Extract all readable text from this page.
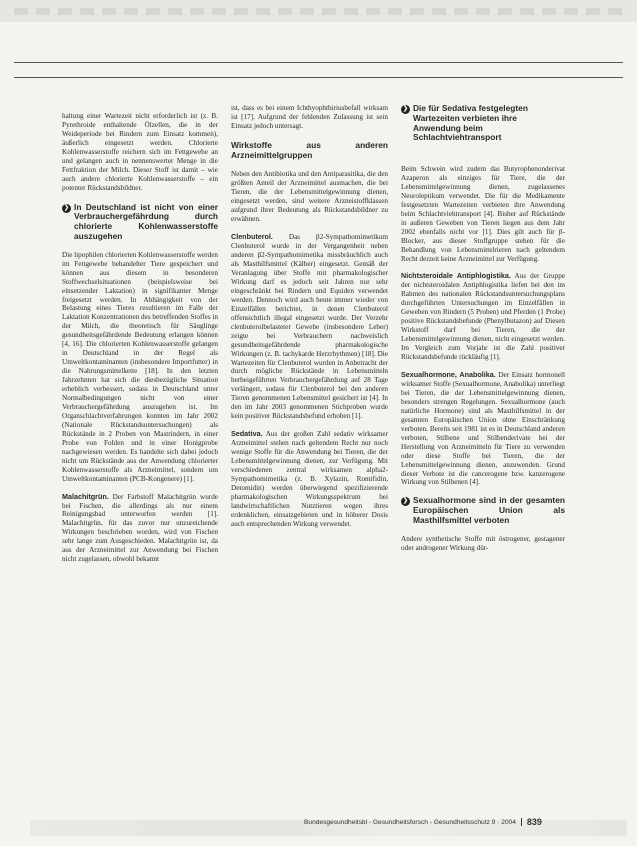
❯ Die für Sedativa festgelegten Wartezeiten verbieten ihre Anwendung beim Schlachtviehtransport

haltung einer Wartezeit nicht erforderlich ist (z. B. Pyrethroide enthaltende Ölzellen, die in der Weideperiode bei Rindern zum Einsatz kommen), äußerlich eingesetzt werden. Chlorierte Kohlenwasserstoffe reichern sich im Fettgewebe an und gelangen auch in nennenswerter Menge in die Fettfraktion der Milch. Dieser Stoff ist damit – wie auch andere chlorierte Kohlenwasserstoffe – ein potenter Rückstandsbildner.

❯ In Deutschland ist nicht von einer Verbrauchergefährdung durch chlorierte Kohlenwasserstoffe auszugehen

Die lipophilen chlorierten Kohlenwasserstoffe werden im Fettgewebe behandelter Tiere gespeichert und können aus diesem in besonderen Stoffwechselsituationen (beispielsweise bei einsetzender Laktation) in signifikanter Menge freigesetzt werden. In Abhängigkeit von der Belastung eines Tieres resultieren im Falle der Laktation Konzentrationen des betreffenden Stoffes in der Milch, die theoretisch für Säuglinge gesundheitsgefährdende Bedeutung erlangen können [4, 16]. Die chlorierten Kohlenwasserstoffe gelangen in Deutschland in der Regel als Umweltkontaminanten (insbesondere Importfutter) in die Nahrungsmittelkette [18]. In den letzten Jahrzehnten hat sich die diesbezügliche Situation erheblich verbessert, sodass in Deutschland unter Normalbedingungen nicht von einer Verbrauchergefährdung auszugehen ist. Im Organschlachtverfahrungen konnten im Jahr 2002 (Nationale Rückstandsuntersuchungen) als Rückstände in 2 Proben von Mastrindern, in einer Probe von Fohlen und in einer Honigprobe nachgewiesen werden. Es handelte sich dabei jedoch nicht um Rückstände aus der Anwendung chlorierter Kohlenwasserstoffe als Arzneimittel, sondern um Umweltkontaminanten (PCB-Kongenere) [1].

Malachitgrün. Der Farbstoff Malachitgrün wurde bei Fischen, die allerdings als nur einem Reinigungsbad unterworfen werden [1]. Malachitgrün, für das zuvor nur unzureichende Wirkungen beschrieben worden, wird von Fischen sehr lange zum Ausgeschieden. Malachitgrün ist, da aus der Arzneimittel zur Anwendung bei Fischen nicht zugelassen, obwohl bekannt

ist, dass es bei einem Ichthyophthiriusbefall wirksam ist [17]. Aufgrund der fehlenden Zulassung ist sein Einsatz jedoch untersagt.

Wirkstoffe aus anderen Arzneimittelgruppen

Neben den Antibiotika und den Antiparasitika, die den größten Anteil der Arzneimittel ausmachen, die bei Tieren, die der Lebensmittelgewinnung dienen, eingesetzt werden, sind weitere Arzneistoffklassen aufgrund ihrer Bedeutung als Rückstandsbildner zu erwähnen.

Clenbuterol. Das β2-Sympathomimetikum Clenbuterol wurde in der Vergangenheit neben anderen β2-Sympathomimetika missbräuchlich auch als Masthilfsmittel (Kälber) eingesetzt. Gemäß der Veranlagung über Stoffe mit pharmakologischer Wirkung darf es jedoch seit Jahren nur sehr eingeschränkt bei Rindern und Equiden verwendet werden. Dennoch wird auch heute immer wieder von Einzelfällen berichtet, in denen Clenbuterol offensichtlich illegal eingesetzt wurde. Der Verzehr clenbuterolbelasteter Gewebe (insbesondere Leber) zeigte bei Verbrauchern nachweislich gesundheitsgefährdende pharmakologische Wirkungen (z. B. tachykarde Herzrhythmen) [18]. Die Wartezeiten für Clenbuterol wurden in Anbetracht der durch mögliche Rückstände in Lebensmitteln herbeigeführten Verbrauchergefährdung auf 28 Tage verlängert, sodass für Clenbuterol bei den anderen Tieren genommenen Lebensmittel gesichert ist [4]. In den im Jahr 2003 genommenen Stichproben wurde kein positiver Rückstandsbefund erhoben [1].

Sedativa. Aus der großen Zahl sedativ wirksamer Arzneimittel stehen nach geltendem Recht nur noch wenige Stoffe für die Anwendung bei Tieren, die der Lebensmittelgewinnung dienen, zur Verfügung. Mit verschiedenen zentral wirksamen alpha2-Sympathomimetika (z. B. Xylazin, Romifidin, Detomidin) werden überwiegend spezifizierende pharmakologischen Wirkungsspektrum bei landwirtschaftlichen Nutztieren wegen ihres erdenklichen, einsatzgebieten und in höherer Dosis auch entsprechenden Wirkung verwendet.

Beim Schwein wird zudem das Butyrophenonderivat Azaperon als einziges für Tiere, die der Lebensmittelgewinnung dienen, zugelassenes Neuroleptikum verwendet. Die für die Medikamente festgesetzten Wartezeiten verbieten ihre Anwendung beim Schlachtviehtransport [4]. Bisher auf Rückstände in außeren Geweben von Tieren liegen aus dem Jahr 2002 ebenfalls nicht vor [1]. Dies gilt auch für β-Blocker, aus dieser Stoffgruppe stehen für die Behandlung von Lebensmittelrieren nach geltendem Recht derzeit keine Arzneimittel zur Verfügung.

Nichtsteroidale Antiphlogistika. Aus der Gruppe der nichtsteroidalen Antiphlogistika liefen bei den im Rahmen des nationalen Rückstandsuntersuchungsplans durchgeführten Untersuchungen im Einzelfällen in Geweben von Rindern (5 Proben) und Pferden (1 Probe) positive Rückstandsbefunde (Phenylbutazon) auf Diesen Wirkstoff darf bei Tieren, die der Lebensmittelgewinnung dienen, nicht eingesetzt werden. Im Vergleich zum Vorjahr ist die Zahl positiver Rückstandsbefunde rückläufig [1].

Sexualhormone, Anabolika. Der Einsatz hormonell wirksamer Stoffe (Sexualhormone, Anabolika) unterliegt bei Tieren, die der Lebensmittelgewinnung dienen, besonders strengen Regelungen. Sexualhormone (auch natürliche Hormone) sind als Masthilfsmittel in der gesamten Europäischen Union ohne Einschränkung verboten. Bereits seit 1981 ist es in Deutschland anderen verboten, Stilbene und Stilbenderivate bei der Herstellung von Arzneimitteln für Tiere zu verwenden oder diese Stoffe bei Tieren, die der Lebensmittelgewinnung dienen, anzuwenden. Grund dieser Verbote ist die cancerogene bzw. kanzerogene Wirkung von Stilbenen [4].

❯ Sexualhormone sind in der gesamten Europäischen Union als Masthilfsmittel verboten

Andere synthetische Stoffe mit östrogener, gestagener oder androgener Wirkung dür-

Bundesgesundheitsbl - Gesundheitsforsch - Gesundheitsschutz 9 · 2004 839
